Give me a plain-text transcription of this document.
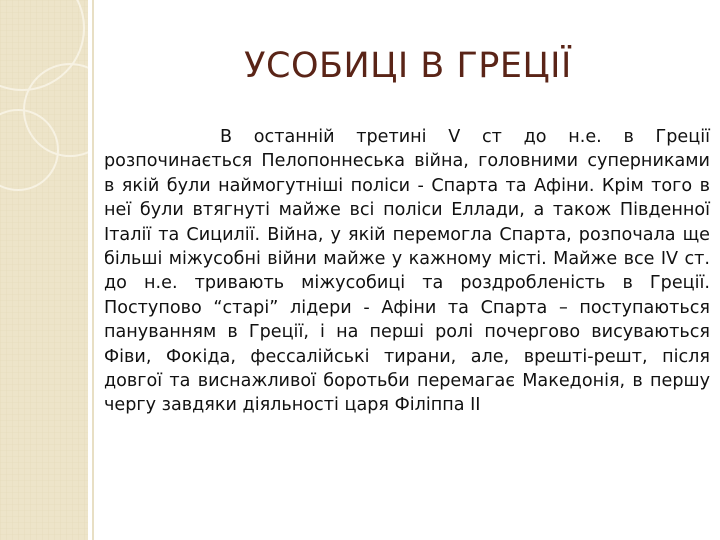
УСОБИЦІ В ГРЕЦІЇ

В останній третині V ст до н.е. в Греції розпочинається Пелопоннеська війна, головними суперниками в якій були наймогутніші поліси - Спарта та Афіни. Крім того в неї були втягнуті майже всі поліси Еллади, а також Південної Італії та Сицилії. Війна, у якій перемогла Спарта, розпочала ще більші міжусобні війни майже у кажному місті. Майже все IV ст. до н.е. тривають міжусобиці та роздробленість в Греції. Поступово “старі” лідери - Афіни та Спарта – поступаються пануванням в Греції, і на перші ролі почергово висуваються Фіви, Фокіда, фессалійські тирани, але, врешті-решт, після довгої та виснажливої боротьби перемагає Македонія, в першу чергу завдяки діяльності царя Філіппа ІІ
